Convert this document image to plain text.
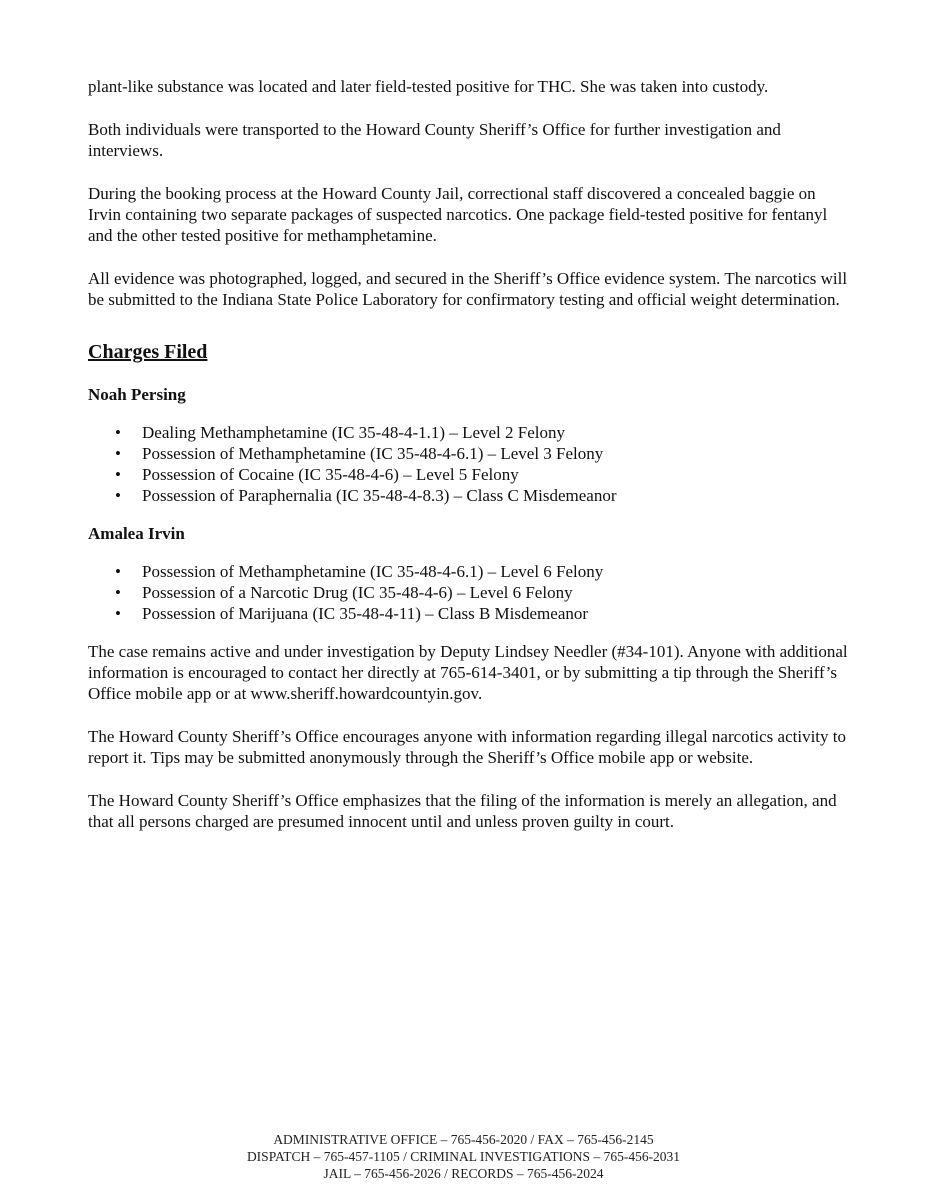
plant-like substance was located and later field-tested positive for THC. She was taken into custody.

Both individuals were transported to the Howard County Sheriff’s Office for further investigation and interviews.

During the booking process at the Howard County Jail, correctional staff discovered a concealed baggie on Irvin containing two separate packages of suspected narcotics. One package field-tested positive for fentanyl and the other tested positive for methamphetamine.

All evidence was photographed, logged, and secured in the Sheriff’s Office evidence system. The narcotics will be submitted to the Indiana State Police Laboratory for confirmatory testing and official weight determination.

Charges Filed
Noah Persing
• Dealing Methamphetamine (IC 35-48-4-1.1) – Level 2 Felony
• Possession of Methamphetamine (IC 35-48-4-6.1) – Level 3 Felony
• Possession of Cocaine (IC 35-48-4-6) – Level 5 Felony
• Possession of Paraphernalia (IC 35-48-4-8.3) – Class C Misdemeanor
Amalea Irvin
• Possession of Methamphetamine (IC 35-48-4-6.1) – Level 6 Felony
• Possession of a Narcotic Drug (IC 35-48-4-6) – Level 6 Felony
• Possession of Marijuana (IC 35-48-4-11) – Class B Misdemeanor

The case remains active and under investigation by Deputy Lindsey Needler (#34-101). Anyone with additional information is encouraged to contact her directly at 765-614-3401, or by submitting a tip through the Sheriff’s Office mobile app or at www.sheriff.howardcountyin.gov.

The Howard County Sheriff’s Office encourages anyone with information regarding illegal narcotics activity to report it. Tips may be submitted anonymously through the Sheriff’s Office mobile app or website.

The Howard County Sheriff’s Office emphasizes that the filing of the information is merely an allegation, and that all persons charged are presumed innocent until and unless proven guilty in court.

ADMINISTRATIVE OFFICE – 765-456-2020 / FAX – 765-456-2145
DISPATCH – 765-457-1105 / CRIMINAL INVESTIGATIONS – 765-456-2031
JAIL – 765-456-2026 / RECORDS – 765-456-2024
